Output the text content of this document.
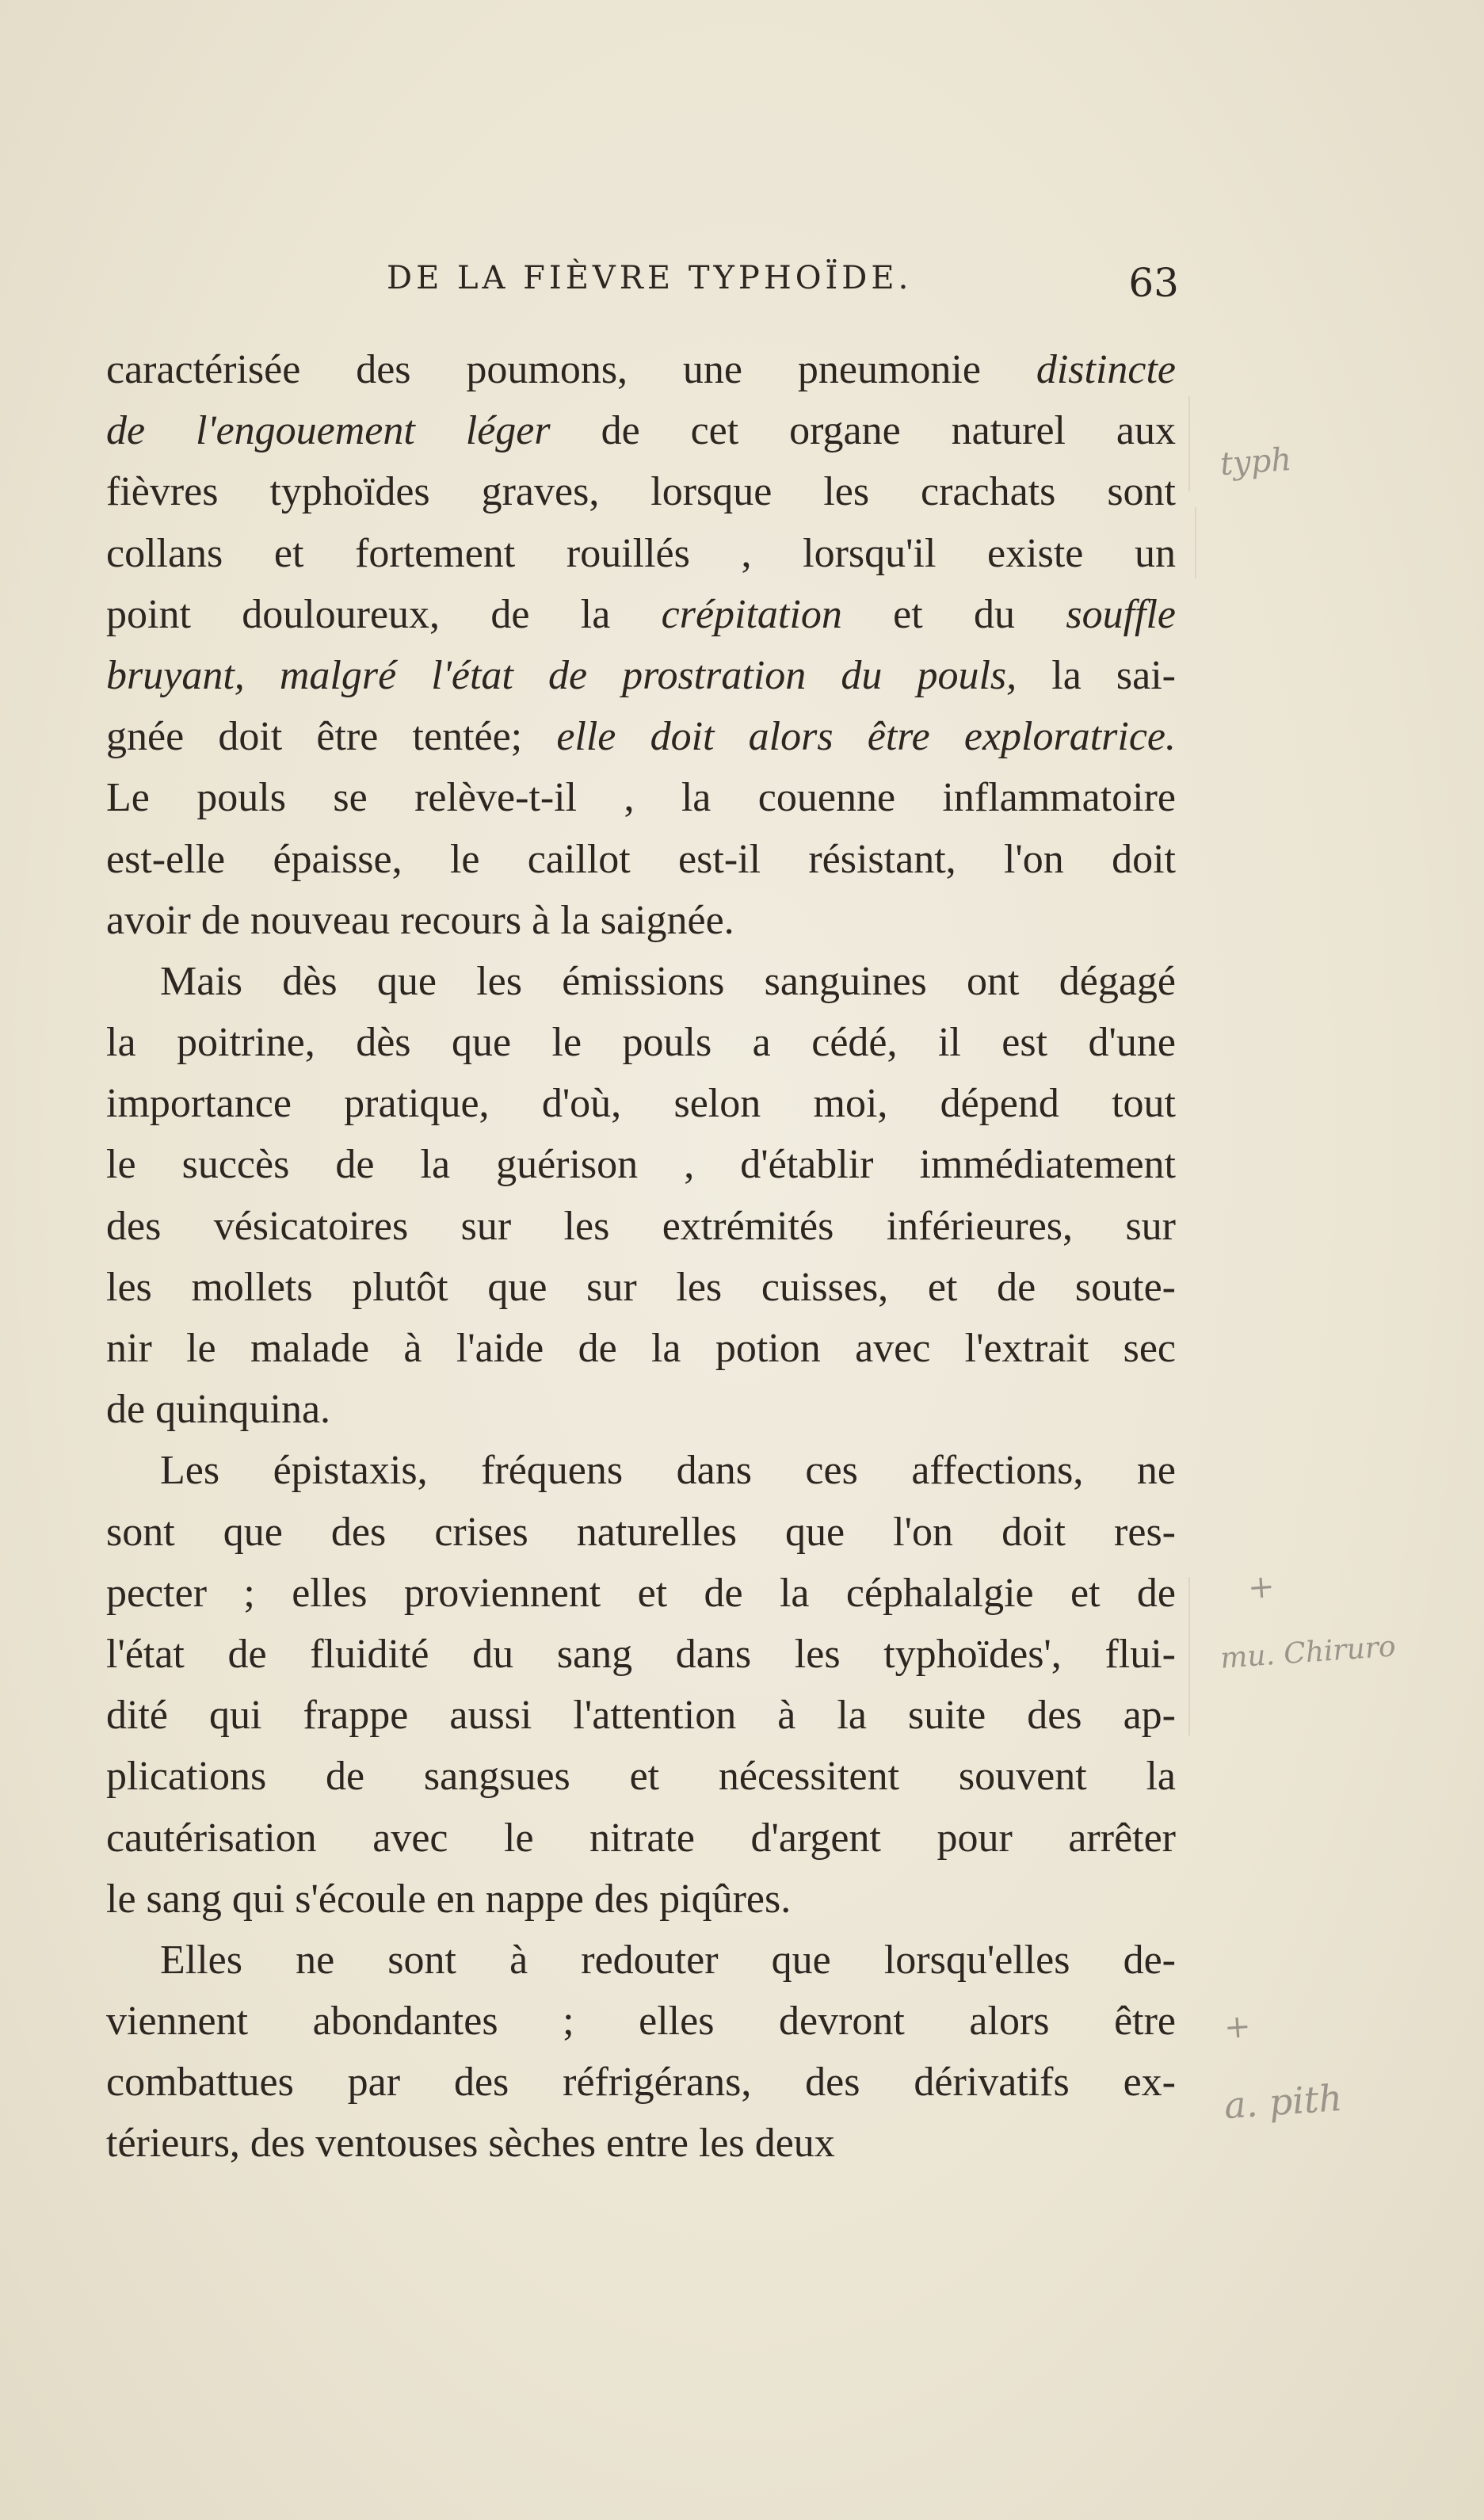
DE LA FIÈVRE TYPHOÏDE.	63
caractérisée des poumons, une pneumonie distincte
de l'engouement léger de cet organe naturel aux
fièvres typhoïdes graves, lorsque les crachats sont
collans et fortement rouillés , lorsqu'il existe un
point douloureux, de la crépitation et du souffle
bruyant, malgré l'état de prostration du pouls, la sai-
gnée doit être tentée; elle doit alors être exploratrice.
Le pouls se relève-t-il , la couenne inflammatoire
est-elle épaisse, le caillot est-il résistant, l'on doit
avoir de nouveau recours à la saignée.
Mais dès que les émissions sanguines ont dégagé
la poitrine, dès que le pouls a cédé, il est d'une
importance pratique, d'où, selon moi, dépend tout
le succès de la guérison , d'établir immédiatement
des vésicatoires sur les extrémités inférieures, sur
les mollets plutôt que sur les cuisses, et de soute-
nir le malade à l'aide de la potion avec l'extrait sec
de quinquina.
Les épistaxis, fréquens dans ces affections, ne
sont que des crises naturelles que l'on doit res-
pecter ; elles proviennent et de la céphalalgie et de
l'état de fluidité du sang dans les typhoïdes', flui-
dité qui frappe aussi l'attention à la suite des ap-
plications de sangsues et nécessitent souvent la
cautérisation avec le nitrate d'argent pour arrêter
le sang qui s'écoule en nappe des piqûres.
Elles ne sont à redouter que lorsqu'elles de-
viennent abondantes ; elles devront alors être
combattues par des réfrigérans, des dérivatifs ex-
térieurs, des ventouses sèches entre les deux
typh
+
mu. Chiruro
+
a. pith
